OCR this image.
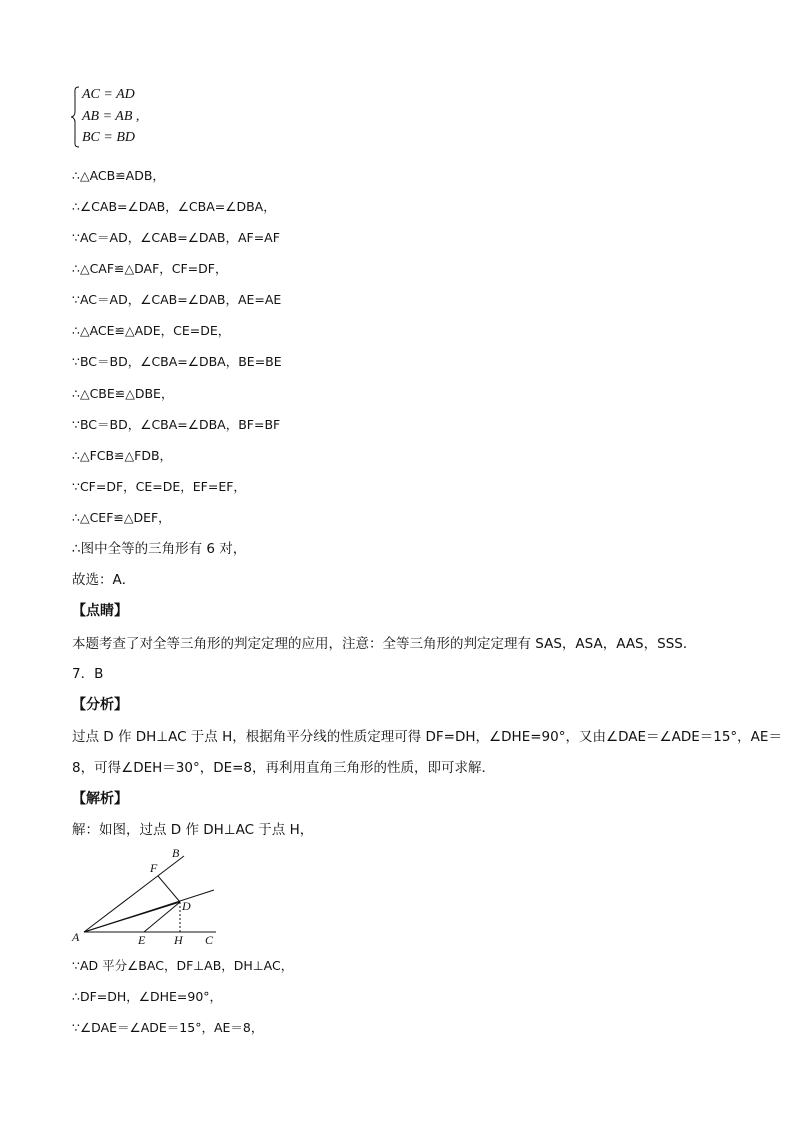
AC = AD
AB = AB ,
BC = BD
∴△ACB≌ADB，
∴∠CAB=∠DAB，∠CBA=∠DBA，
∵AC＝AD，∠CAB=∠DAB，AF=AF
∴△CAF≌△DAF，CF=DF，
∵AC＝AD，∠CAB=∠DAB，AE=AE
∴△ACE≌△ADE，CE=DE，
∵BC＝BD，∠CBA=∠DBA，BE=BE
∴△CBE≌△DBE，
∵BC＝BD，∠CBA=∠DBA，BF=BF
∴△FCB≌△FDB，
∵CF=DF，CE=DE，EF=EF，
∴△CEF≌△DEF，
∴图中全等的三角形有 6 对，
故选：A．
【点睛】
本题考查了对全等三角形的判定定理的应用，注意：全等三角形的判定定理有 SAS，ASA，AAS，SSS．
7．B
【分析】
过点 D 作 DH⊥AC 于点 H，根据角平分线的性质定理可得 DF=DH，∠DHE=90°，又由∠DAE＝∠ADE＝15°，AE＝
8，可得∠DEH＝30°，DE=8，再利用直角三角形的性质，即可求解．
【解析】
解：如图，过点 D 作 DH⊥AC 于点 H，
A
B
C
D
E
F
H
∵AD 平分∠BAC，DF⊥AB，DH⊥AC，
∴DF=DH，∠DHE=90°，
∵∠DAE＝∠ADE＝15°，AE＝8，
